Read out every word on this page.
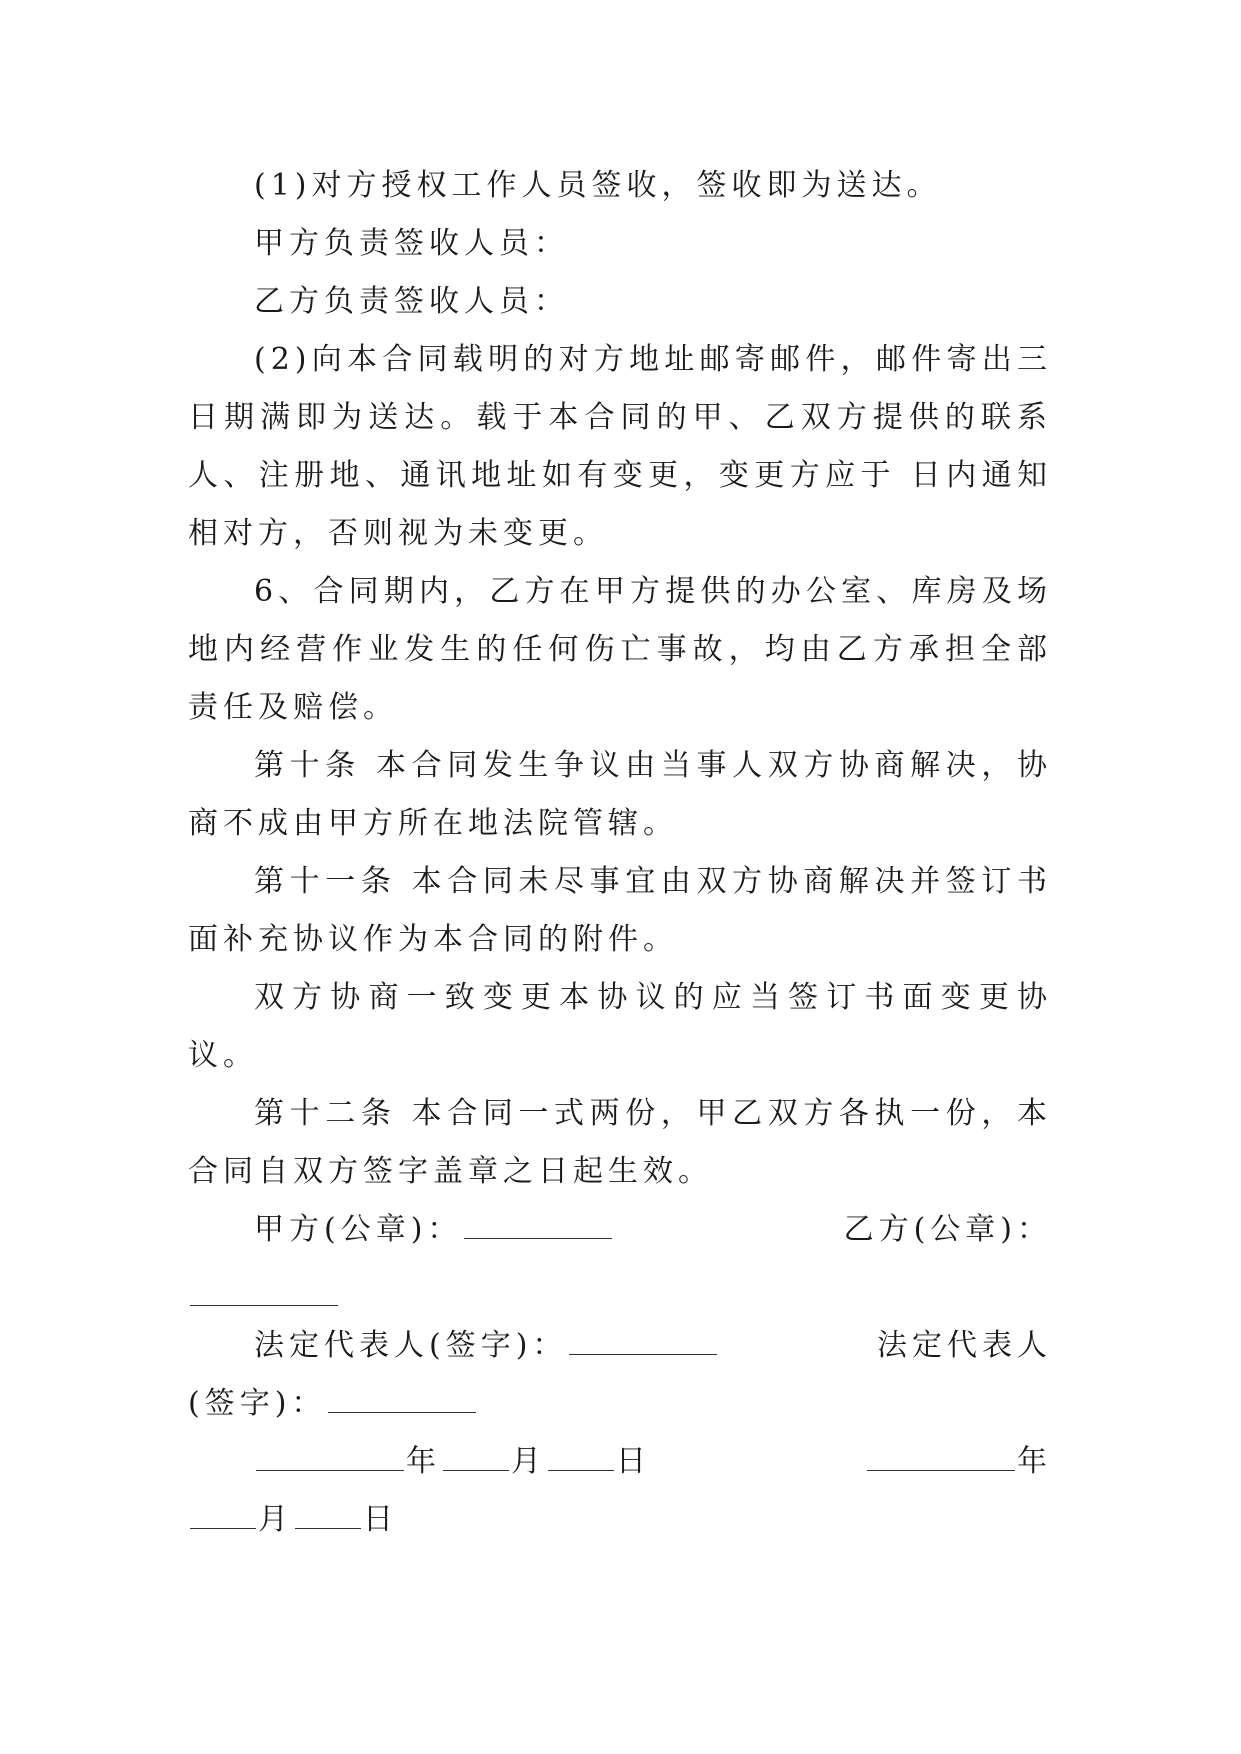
(1)对方授权工作人员签收，签收即为送达。

甲方负责签收人员：

乙方负责签收人员：

(2)向本合同载明的对方地址邮寄邮件，邮件寄出三日期满即为送达。载于本合同的甲、乙双方提供的联系人、注册地、通讯地址如有变更，变更方应于 日内通知相对方，否则视为未变更。

6、合同期内，乙方在甲方提供的办公室、库房及场地内经营作业发生的任何伤亡事故，均由乙方承担全部责任及赔偿。

第十条 本合同发生争议由当事人双方协商解决，协商不成由甲方所在地法院管辖。

第十一条 本合同未尽事宜由双方协商解决并签订书面补充协议作为本合同的附件。

双方协商一致变更本协议的应当签订书面变更协议。

第十二条 本合同一式两份，甲乙双方各执一份，本合同自双方签字盖章之日起生效。

甲方(公章)：	乙方(公章)：
法定代表人(签字)：	法定代表人
(签字)：
年 月 日	年
月 日
